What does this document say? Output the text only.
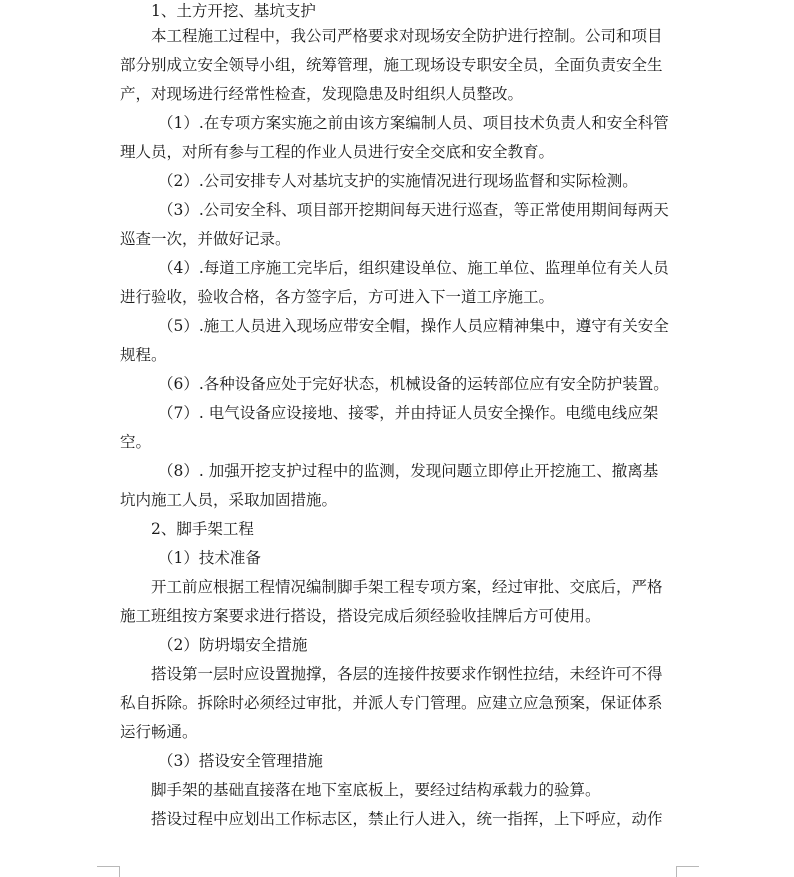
1、土方开挖、基坑支护
本工程施工过程中，我公司严格要求对现场安全防护进行控制。公司和项目
部分别成立安全领导小组，统筹管理，施工现场设专职安全员，全面负责安全生
产，对现场进行经常性检查，发现隐患及时组织人员整改。
（1）.在专项方案实施之前由该方案编制人员、项目技术负责人和安全科管
理人员，对所有参与工程的作业人员进行安全交底和安全教育。
（2）.公司安排专人对基坑支护的实施情况进行现场监督和实际检测。
（3）.公司安全科、项目部开挖期间每天进行巡查，等正常使用期间每两天
巡查一次，并做好记录。
（4）.每道工序施工完毕后，组织建设单位、施工单位、监理单位有关人员
进行验收，验收合格，各方签字后，方可进入下一道工序施工。
（5）.施工人员进入现场应带安全帽，操作人员应精神集中，遵守有关安全
规程。
（6）.各种设备应处于完好状态，机械设备的运转部位应有安全防护装置。
（7）. 电气设备应设接地、接零，并由持证人员安全操作。电缆电线应架
空。
（8）. 加强开挖支护过程中的监测，发现问题立即停止开挖施工、撤离基
坑内施工人员，采取加固措施。
2、脚手架工程
（1）技术准备
开工前应根据工程情况编制脚手架工程专项方案，经过审批、交底后，严格
施工班组按方案要求进行搭设，搭设完成后须经验收挂牌后方可使用。
（2）防坍塌安全措施
搭设第一层时应设置抛撑，各层的连接件按要求作钢性拉结，未经许可不得
私自拆除。拆除时必须经过审批，并派人专门管理。应建立应急预案，保证体系
运行畅通。
（3）搭设安全管理措施
脚手架的基础直接落在地下室底板上，要经过结构承载力的验算。
搭设过程中应划出工作标志区，禁止行人进入，统一指挥，上下呼应，动作
